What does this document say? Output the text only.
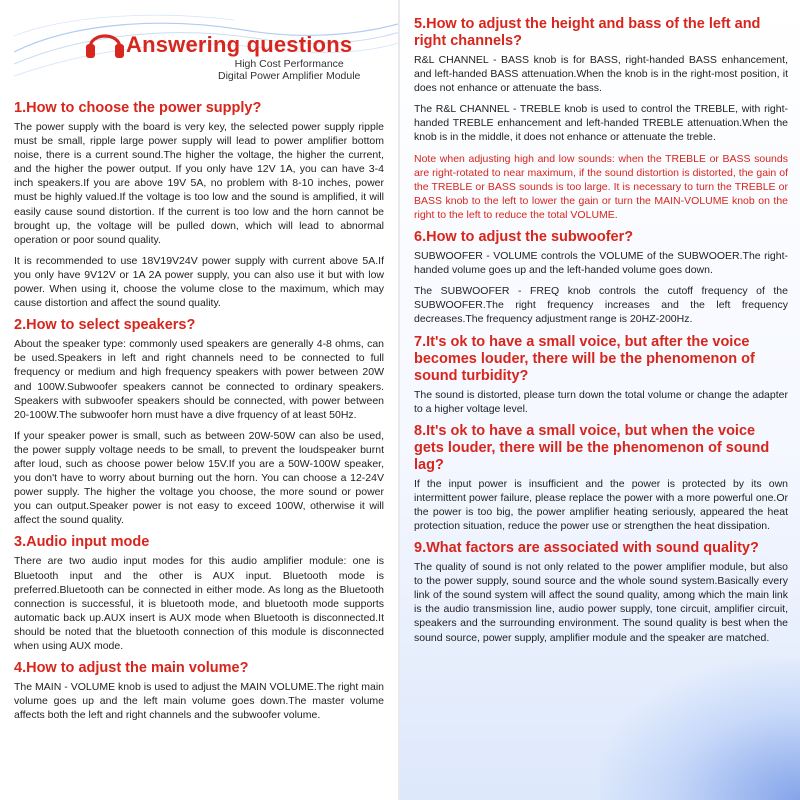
Answering questions
High Cost Performance
Digital Power Amplifier Module
1.How to choose the power supply?

The power supply with the board is very key, the selected power supply ripple must be small, ripple large power supply will lead to power amplifier bottom noise, there is a current sound.The higher the voltage, the higher the current, and the higher the power output. If you only have 12V 1A, you can have 3-4 inch speakers.If you are above 19V 5A, no problem with 8-10 inches, power must be highly valued.If the voltage is too low and the sound is amplified, it will easily cause sound distortion. If the current is too low and the horn cannot be brought up, the voltage will be pulled down, which will lead to abnormal operation or poor sound quality.

It is recommended to use 18V19V24V power supply with current above 5A.If you only have 9V12V or 1A 2A power supply, you can also use it but with low power. When using it, choose the volume close to the maximum, which may cause distortion and affect the sound quality.

2.How to select speakers?

About the speaker type: commonly used speakers are generally 4-8 ohms, can be used.Speakers in left and right channels need to be connected to full frequency or medium and high frequency speakers with power between 20W and 100W.Subwoofer speakers cannot be connected to ordinary speakers. Speakers with subwoofer speakers should be connected, with power between 20-100W.The subwoofer horn must have a dive frquency of at least 50Hz.

If your speaker power is small, such as between 20W-50W can also be used, the power supply voltage needs to be small, to prevent the loudspeaker burnt after loud, such as choose power below 15V.If you are a 50W-100W speaker, you don't have to worry about burning out the horn. You can choose a 12-24V power supply. The higher the voltage you choose, the more sound or power you can output.Speaker power is not easy to exceed 100W, otherwise it will affect the sound quality.

3.Audio input mode

There are two audio input modes for this audio amplifier module: one is Bluetooth input and the other is AUX input. Bluetooth mode is preferred.Bluetooth can be connected in either mode. As long as the Bluetooth connection is successful, it is bluetooth mode, and bluetooth mode supports automatic back up.AUX insert is AUX mode when Bluetooth is disconnected.It should be noted that the bluetooth connection of this module is disconnected when using AUX mode.

4.How to adjust the main volume?

The MAIN - VOLUME knob is used to adjust the MAIN VOLUME.The right main volume goes up and the left main volume goes down.The master volume affects both the left and right channels and the subwoofer volume.

5.How to adjust the height and bass of the left and right channels?

R&L CHANNEL - BASS knob is for BASS, right-handed BASS enhancement, and left-handed BASS attenuation.When the knob is in the right-most position, it does not enhance or attenuate the bass.

The R&L CHANNEL - TREBLE knob is used to control the TREBLE, with right-handed TREBLE enhancement and left-handed TREBLE attenuation.When the knob is in the middle, it does not enhance or attenuate the treble.

Note when adjusting high and low sounds: when the TREBLE or BASS sounds are right-rotated to near maximum, if the sound distortion is distorted, the gain of the TREBLE or BASS sounds is too large. It is necessary to turn the TREBLE or BASS knob to the left to lower the gain or turn the MAIN-VOLUME knob on the right to the left to reduce the total VOLUME.

6.How to adjust the subwoofer?

SUBWOOFER - VOLUME controls the VOLUME of the SUBWOOER.The right-handed volume goes up and the left-handed volume goes down.

The SUBWOOFER - FREQ knob controls the cutoff frequency of the SUBWOOFER.The right frequency increases and the left frequency decreases.The frequency adjustment range is 20HZ-200Hz.

7.It's ok to have a small voice, but after the voice becomes louder, there will be the phenomenon of sound turbidity?

The sound is distorted, please turn down the total volume or change the adapter to a higher voltage level.

8.It's ok to have a small voice, but when the voice gets louder, there will be the phenomenon of sound lag?

If the input power is insufficient and the power is protected by its own intermittent power failure, please replace the power with a more powerful one.Or the power is too big, the power amplifier heating seriously, appeared the heat protection situation, reduce the power use or strengthen the heat dissipation.

9.What factors are associated with sound quality?

The quality of sound is not only related to the power amplifier module, but also to the power supply, sound source and the whole sound system.Basically every link of the sound system will affect the sound quality, among which the main link is the audio transmission line, audio power supply, tone circuit, amplifier circuit, speakers and the surrounding environment. The sound quality is best when the sound source, power supply, amplifier module and the speaker are matched.
